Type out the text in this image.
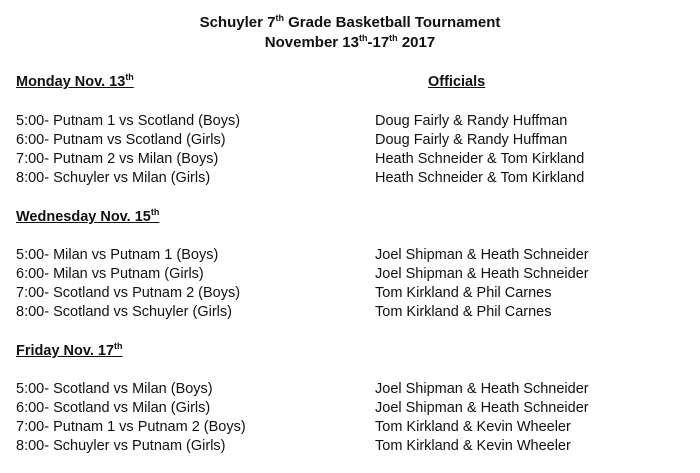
Schuyler 7th Grade Basketball Tournament
November 13th-17th 2017
Officials
Monday Nov. 13th
5:00- Putnam 1 vs Scotland (Boys)	Doug Fairly & Randy Huffman
6:00- Putnam vs Scotland (Girls)	Doug Fairly & Randy Huffman
7:00- Putnam 2 vs Milan (Boys)	Heath Schneider & Tom Kirkland
8:00- Schuyler vs Milan (Girls)	Heath Schneider & Tom Kirkland
Wednesday Nov. 15th
5:00- Milan vs Putnam 1 (Boys)	Joel Shipman & Heath Schneider
6:00- Milan vs Putnam (Girls)	Joel Shipman & Heath Schneider
7:00- Scotland vs Putnam 2 (Boys)	Tom Kirkland & Phil Carnes
8:00- Scotland vs Schuyler (Girls)	Tom Kirkland & Phil Carnes
Friday Nov. 17th
5:00- Scotland vs Milan (Boys)	Joel Shipman & Heath Schneider
6:00- Scotland vs Milan (Girls)	Joel Shipman & Heath Schneider
7:00- Putnam 1 vs Putnam 2 (Boys)	Tom Kirkland & Kevin Wheeler
8:00- Schuyler vs Putnam (Girls)	Tom Kirkland & Kevin Wheeler
